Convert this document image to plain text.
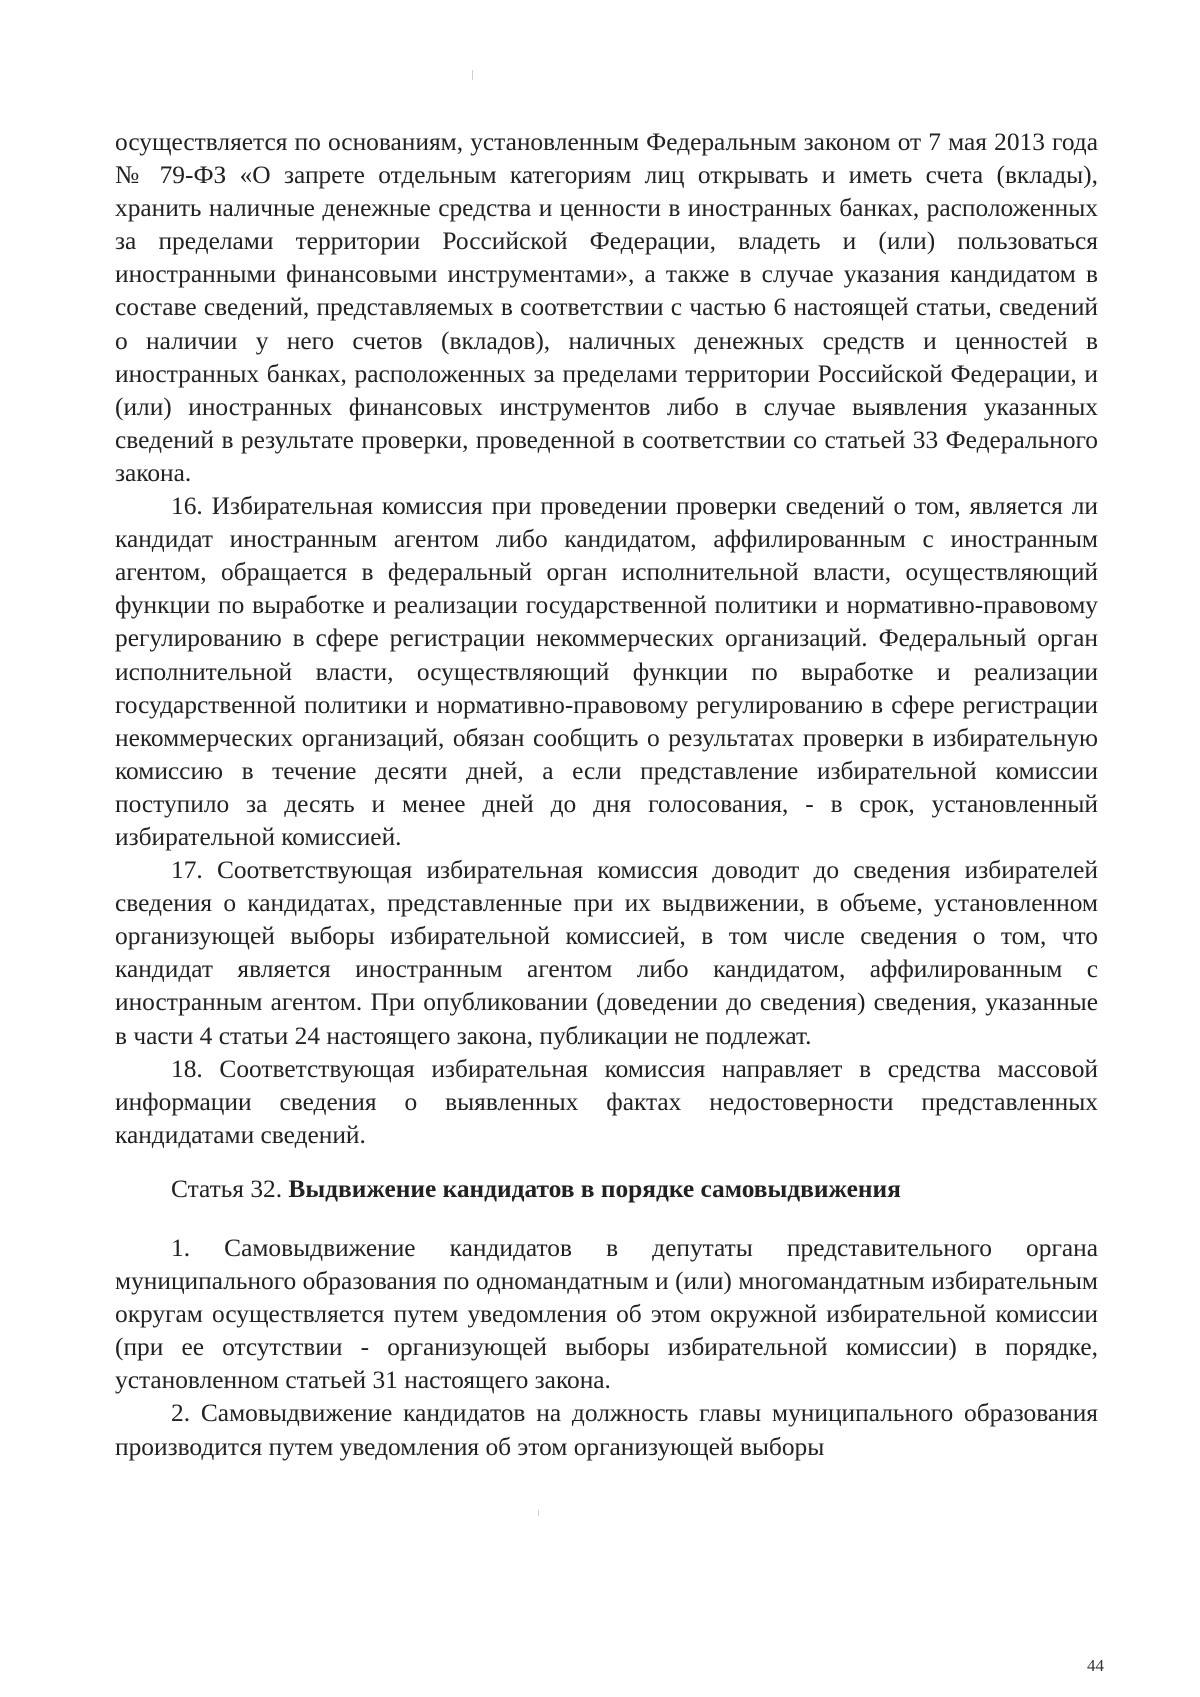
осуществляется по основаниям, установленным Федеральным законом от 7 мая 2013 года № 79-ФЗ «О запрете отдельным категориям лиц открывать и иметь счета (вклады), хранить наличные денежные средства и ценности в иностранных банках, расположенных за пределами территории Российской Федерации, владеть и (или) пользоваться иностранными финансовыми инструментами», а также в случае указания кандидатом в составе сведений, представляемых в соответствии с частью 6 настоящей статьи, сведений о наличии у него счетов (вкладов), наличных денежных средств и ценностей в иностранных банках, расположенных за пределами территории Российской Федерации, и (или) иностранных финансовых инструментов либо в случае выявления указанных сведений в результате проверки, проведенной в соответствии со статьей 33 Федерального закона.

16. Избирательная комиссия при проведении проверки сведений о том, является ли кандидат иностранным агентом либо кандидатом, аффилированным с иностранным агентом, обращается в федеральный орган исполнительной власти, осуществляющий функции по выработке и реализации государственной политики и нормативно-правовому регулированию в сфере регистрации некоммерческих организаций. Федеральный орган исполнительной власти, осуществляющий функции по выработке и реализации государственной политики и нормативно-правовому регулированию в сфере регистрации некоммерческих организаций, обязан сообщить о результатах проверки в избирательную комиссию в течение десяти дней, а если представление избирательной комиссии поступило за десять и менее дней до дня голосования, - в срок, установленный избирательной комиссией.

17. Соответствующая избирательная комиссия доводит до сведения избирателей сведения о кандидатах, представленные при их выдвижении, в объеме, установленном организующей выборы избирательной комиссией, в том числе сведения о том, что кандидат является иностранным агентом либо кандидатом, аффилированным с иностранным агентом. При опубликовании (доведении до сведения) сведения, указанные в части 4 статьи 24 настоящего закона, публикации не подлежат.

18. Соответствующая избирательная комиссия направляет в средства массовой информации сведения о выявленных фактах недостоверности представленных кандидатами сведений.

Статья 32. Выдвижение кандидатов в порядке самовыдвижения

1. Самовыдвижение кандидатов в депутаты представительного органа муниципального образования по одномандатным и (или) многомандатным избирательным округам осуществляется путем уведомления об этом окружной избирательной комиссии (при ее отсутствии - организующей выборы избирательной комиссии) в порядке, установленном статьей 31 настоящего закона.

2. Самовыдвижение кандидатов на должность главы муниципального образования производится путем уведомления об этом организующей выборы

44
